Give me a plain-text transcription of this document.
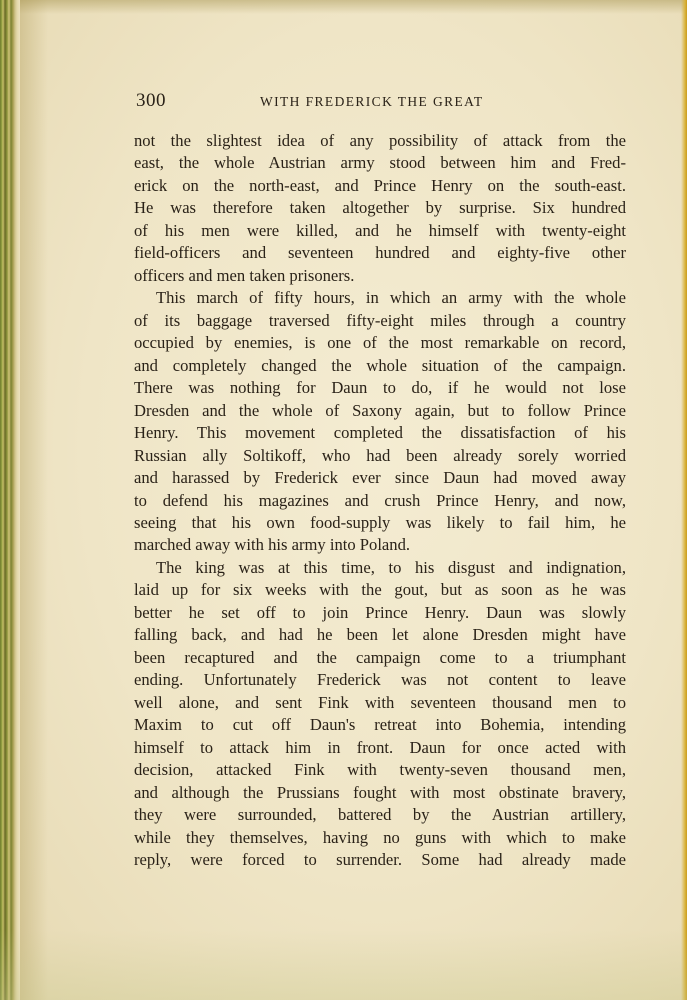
300	WITH FREDERICK THE GREAT
not the slightest idea of any possibility of attack from the
east, the whole Austrian army stood between him and Fred-
erick on the north-east, and Prince Henry on the south-east.
He was therefore taken altogether by surprise. Six hundred
of his men were killed, and he himself with twenty-eight
field-officers and seventeen hundred and eighty-five other
officers and men taken prisoners.
This march of fifty hours, in which an army with the whole
of its baggage traversed fifty-eight miles through a country
occupied by enemies, is one of the most remarkable on record,
and completely changed the whole situation of the campaign.
There was nothing for Daun to do, if he would not lose
Dresden and the whole of Saxony again, but to follow Prince
Henry. This movement completed the dissatisfaction of his
Russian ally Soltikoff, who had been already sorely worried
and harassed by Frederick ever since Daun had moved away
to defend his magazines and crush Prince Henry, and now,
seeing that his own food-supply was likely to fail him, he
marched away with his army into Poland.
The king was at this time, to his disgust and indignation,
laid up for six weeks with the gout, but as soon as he was
better he set off to join Prince Henry. Daun was slowly
falling back, and had he been let alone Dresden might have
been recaptured and the campaign come to a triumphant
ending. Unfortunately Frederick was not content to leave
well alone, and sent Fink with seventeen thousand men to
Maxim to cut off Daun's retreat into Bohemia, intending
himself to attack him in front. Daun for once acted with
decision, attacked Fink with twenty-seven thousand men,
and although the Prussians fought with most obstinate bravery,
they were surrounded, battered by the Austrian artillery,
while they themselves, having no guns with which to make
reply, were forced to surrender. Some had already made
